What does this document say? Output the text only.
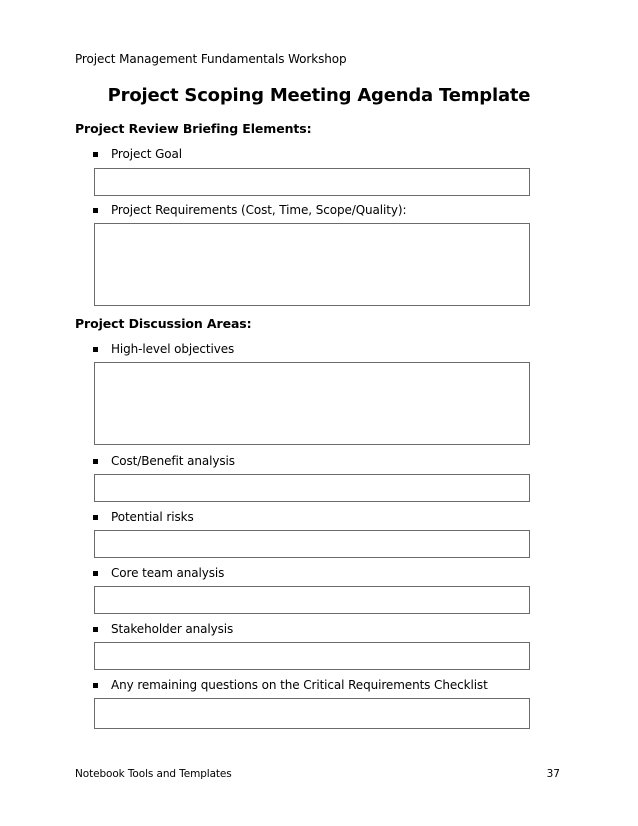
Project Management Fundamentals Workshop
Project Scoping Meeting Agenda Template
Project Review Briefing Elements:
Project Goal
Project Requirements (Cost, Time, Scope/Quality):
Project Discussion Areas:
High-level objectives
Cost/Benefit analysis
Potential risks
Core team analysis
Stakeholder analysis
Any remaining questions on the Critical Requirements Checklist
Notebook Tools and Templates	37
